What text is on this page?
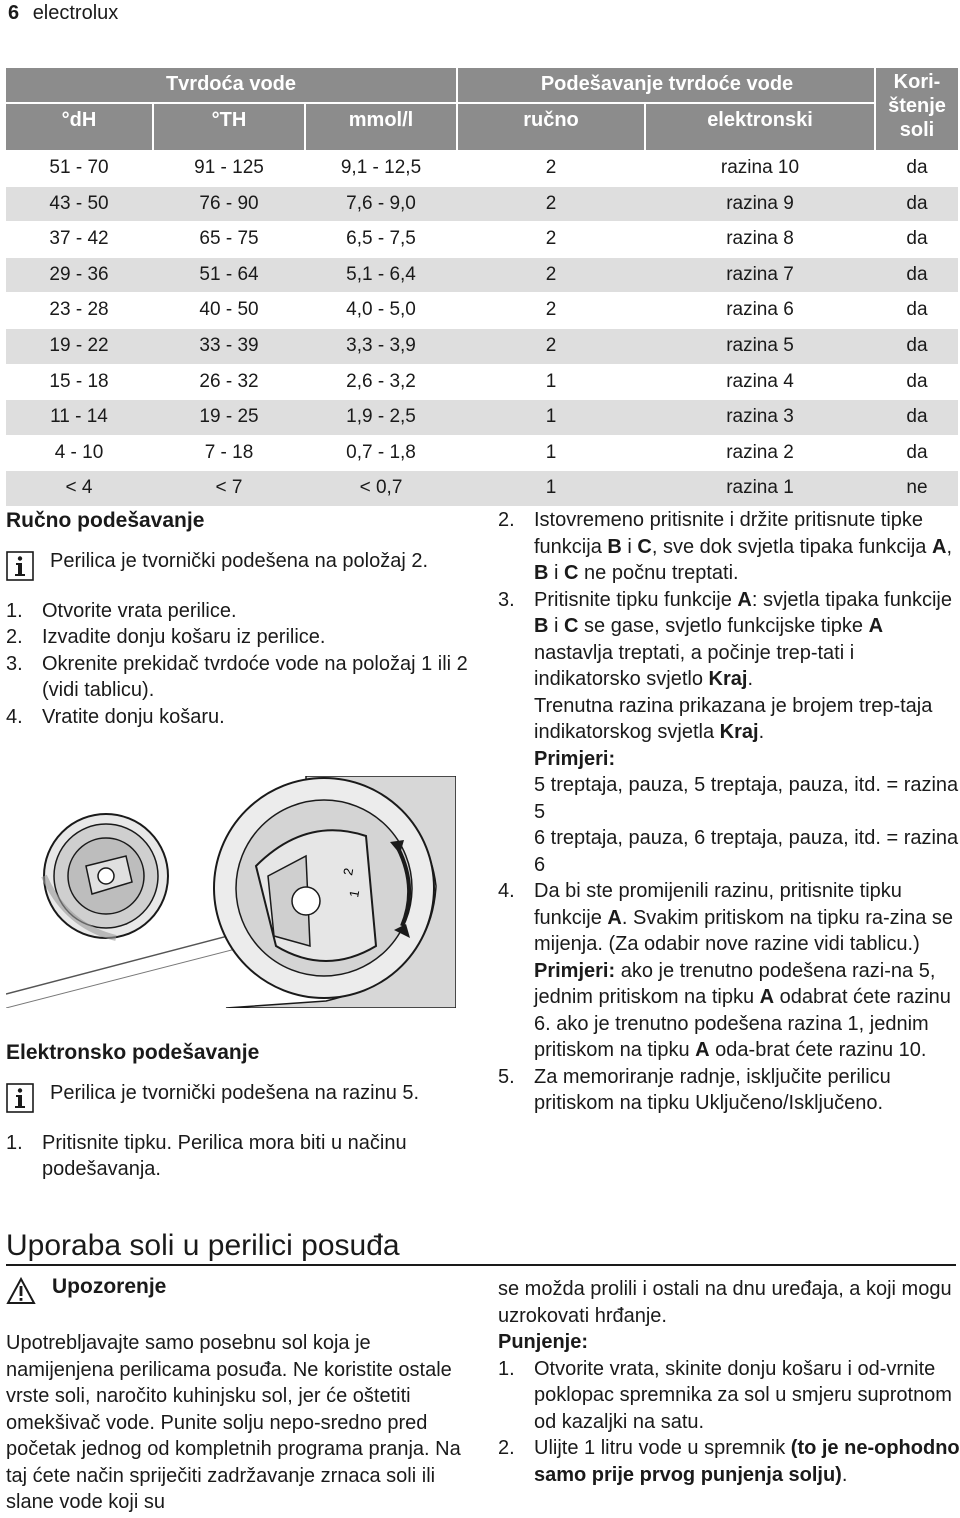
6 electrolux
Tvrdoća vode	Podešavanje tvrdoće vode
°dH	°TH	mmol/l	ručno	elektronski
Kori-
štenje
soli
51 - 70	91 - 125	9,1 - 12,5	2	razina 10	da
43 - 50	76 - 90	7,6 - 9,0	2	razina 9	da
37 - 42	65 - 75	6,5 - 7,5	2	razina 8	da
29 - 36	51 - 64	5,1 - 6,4	2	razina 7	da
23 - 28	40 - 50	4,0 - 5,0	2	razina 6	da
19 - 22	33 - 39	3,3 - 3,9	2	razina 5	da
15 - 18	26 - 32	2,6 - 3,2	1	razina 4	da
11 - 14	19 - 25	1,9 - 2,5	1	razina 3	da
4 - 10	7 - 18	0,7 - 1,8	1	razina 2	da
< 4	< 7	< 0,7	1	razina 1	ne
Ručno podešavanje
Perilica je tvornički podešena na položaj 2.
1. Otvorite vrata perilice.
2. Izvadite donju košaru iz perilice.
3. Okrenite prekidač tvrdoće vode na položaj 1 ili 2 (vidi tablicu).
4. Vratite donju košaru.
2
1
Elektronsko podešavanje
Perilica je tvornički podešena na razinu 5.
1. Pritisnite tipku. Perilica mora biti u načinu podešavanja.
2. Istovremeno pritisnite i držite pritisnute tipke funkcija B i C, sve dok svjetla tipaka funkcija A, B i C ne počnu treptati.
3. Pritisnite tipku funkcije A: svjetla tipaka funkcije B i C se gase, svjetlo funkcijske tipke A nastavlja treptati, a počinje trep-tati i indikatorsko svjetlo Kraj.
Trenutna razina prikazana je brojem trep-taja indikatorskog svjetla Kraj.
Primjeri:
5 treptaja, pauza, 5 treptaja, pauza, itd. = razina 5
6 treptaja, pauza, 6 treptaja, pauza, itd. = razina 6
4. Da bi ste promijenili razinu, pritisnite tipku funkcije A. Svakim pritiskom na tipku ra-zina se mijenja. (Za odabir nove razine vidi tablicu.)
Primjeri: ako je trenutno podešena razi-na 5, jednim pritiskom na tipku A odabrat ćete razinu 6. ako je trenutno podešena razina 1, jednim pritiskom na tipku A oda-brat ćete razinu 10.
5. Za memoriranje radnje, isključite perilicu pritiskom na tipku Uključeno/Isključeno.
Uporaba soli u perilici posuđa
Upozorenje
Upotrebljavajte samo posebnu sol koja je namijenjena perilicama posuđa. Ne koristite ostale vrste soli, naročito kuhinjsku sol, jer će oštetiti omekšivač vode. Punite solju nepo-sredno pred početak jednog od kompletnih programa pranja. Na taj ćete način spriječiti zadržavanje zrnaca soli ili slane vode koji su
se možda prolili i ostali na dnu uređaja, a koji mogu uzrokovati hrđanje.
Punjenje:
1. Otvorite vrata, skinite donju košaru i od-vrnite poklopac spremnika za sol u smjeru suprotnom od kazaljki na satu.
2. Ulijte 1 litru vode u spremnik (to je ne-ophodno samo prije prvog punjenja solju).
